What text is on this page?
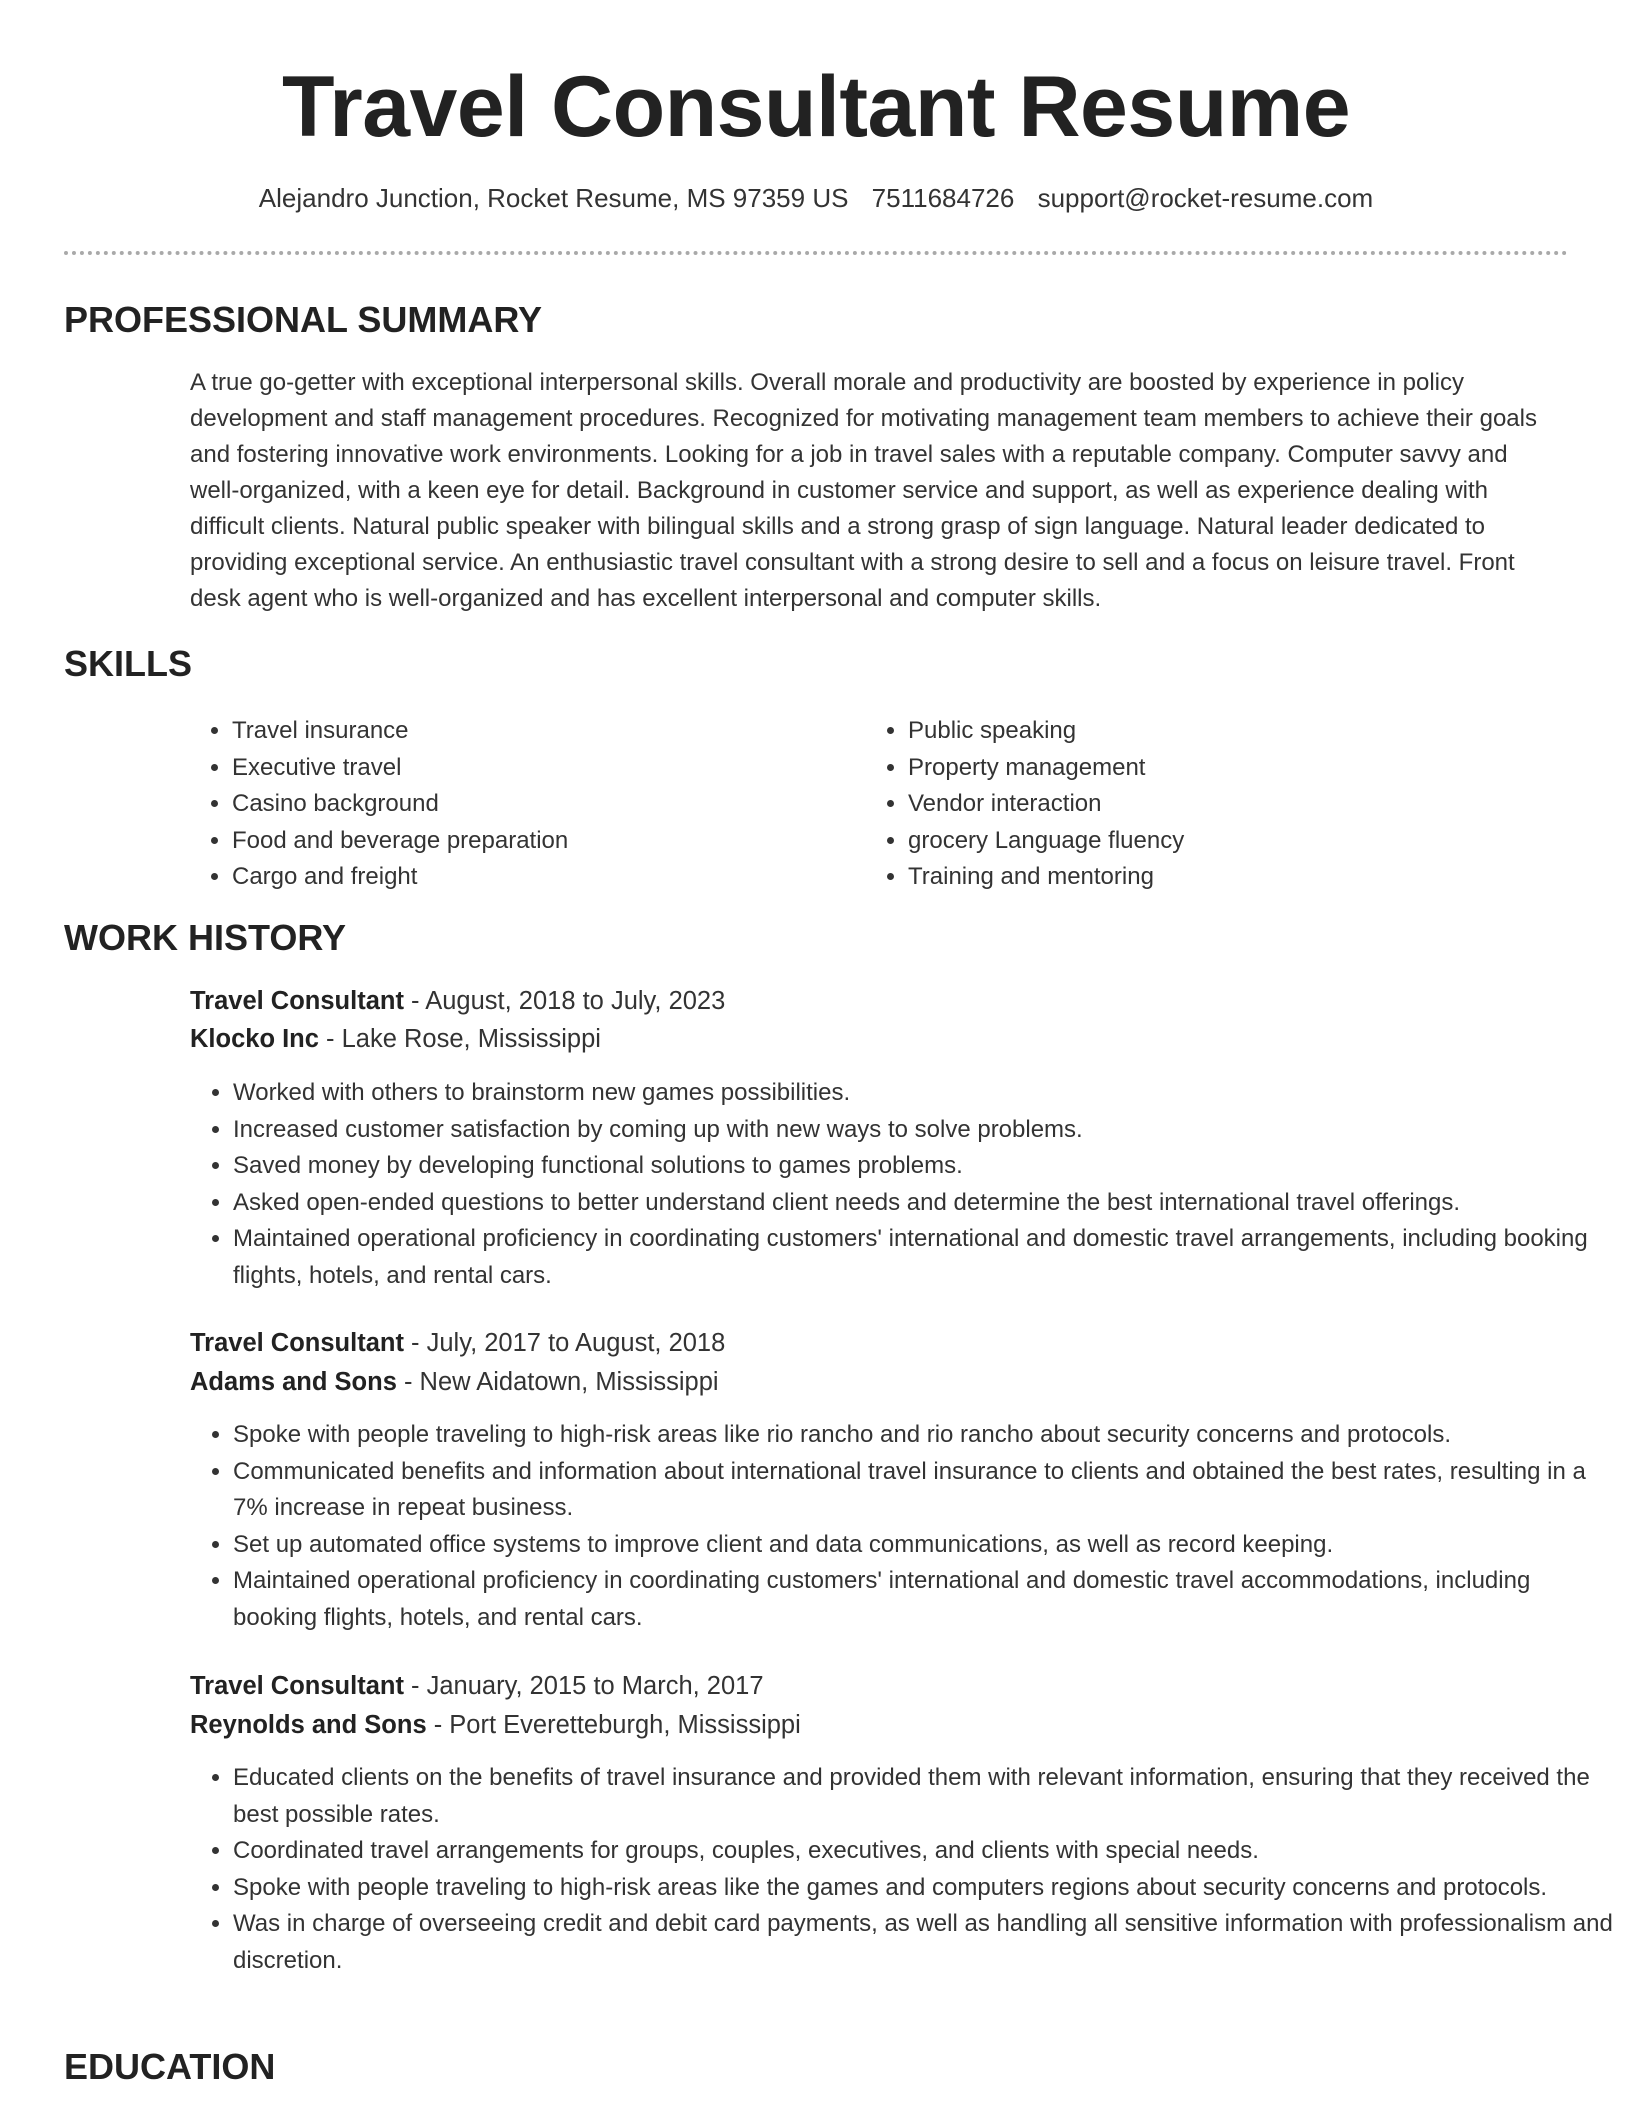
Travel Consultant Resume
Alejandro Junction, Rocket Resume, MS 97359 US 7511684726 support@rocket-resume.com
PROFESSIONAL SUMMARY

A true go-getter with exceptional interpersonal skills. Overall morale and productivity are boosted by experience in policy development and staff management procedures. Recognized for motivating management team members to achieve their goals and fostering innovative work environments. Looking for a job in travel sales with a reputable company. Computer savvy and well-organized, with a keen eye for detail. Background in customer service and support, as well as experience dealing with difficult clients. Natural public speaker with bilingual skills and a strong grasp of sign language. Natural leader dedicated to providing exceptional service. An enthusiastic travel consultant with a strong desire to sell and a focus on leisure travel. Front desk agent who is well-organized and has excellent interpersonal and computer skills.

SKILLS
• Travel insurance
• Executive travel
• Casino background
• Food and beverage preparation
• Cargo and freight
• Public speaking
• Property management
• Vendor interaction
• grocery Language fluency
• Training and mentoring
WORK HISTORY
Travel Consultant - August, 2018 to July, 2023
Klocko Inc - Lake Rose, Mississippi
• Worked with others to brainstorm new games possibilities.
• Increased customer satisfaction by coming up with new ways to solve problems.
• Saved money by developing functional solutions to games problems.
• Asked open-ended questions to better understand client needs and determine the best international travel offerings.
• Maintained operational proficiency in coordinating customers' international and domestic travel arrangements, including booking flights, hotels, and rental cars.
Travel Consultant - July, 2017 to August, 2018
Adams and Sons - New Aidatown, Mississippi
• Spoke with people traveling to high-risk areas like rio rancho and rio rancho about security concerns and protocols.
• Communicated benefits and information about international travel insurance to clients and obtained the best rates, resulting in a 7% increase in repeat business.
• Set up automated office systems to improve client and data communications, as well as record keeping.
• Maintained operational proficiency in coordinating customers' international and domestic travel accommodations, including booking flights, hotels, and rental cars.
Travel Consultant - January, 2015 to March, 2017
Reynolds and Sons - Port Everetteburgh, Mississippi
• Educated clients on the benefits of travel insurance and provided them with relevant information, ensuring that they received the best possible rates.
• Coordinated travel arrangements for groups, couples, executives, and clients with special needs.
• Spoke with people traveling to high-risk areas like the games and computers regions about security concerns and protocols.
• Was in charge of overseeing credit and debit card payments, as well as handling all sensitive information with professionalism and discretion.
EDUCATION
